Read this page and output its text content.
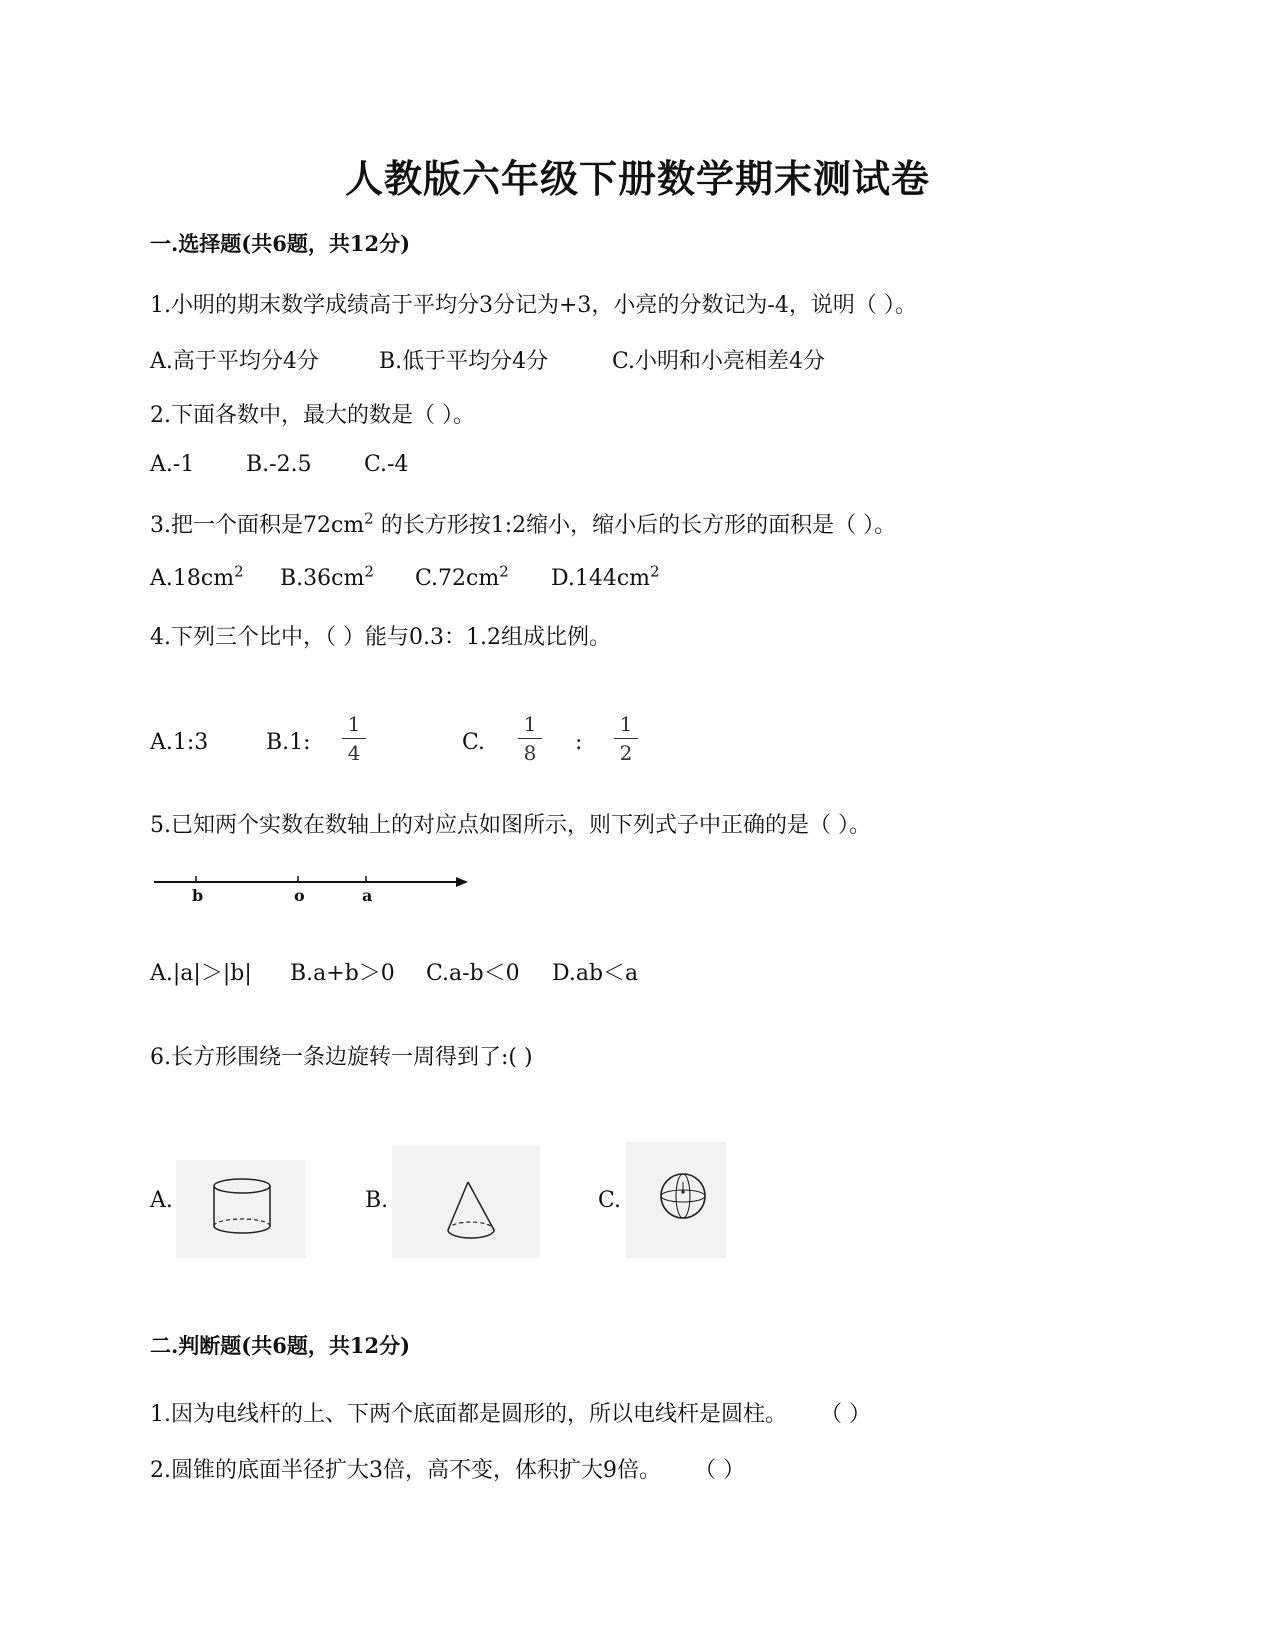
人教版六年级下册数学期末测试卷
一.选择题(共6题，共12分)
1.小明的期末数学成绩高于平均分3分记为+3，小亮的分数记为-4，说明（ ）。
A.高于平均分4分	B.低于平均分4分	C.小明和小亮相差4分
2.下面各数中，最大的数是（ ）。
A.-1 B.-2.5 C.-4
3.把一个面积是$72cm^2$ 的长方形按1:2缩小，缩小后的长方形的面积是（ ）。
$A.18cm^2$ $B.36cm^2$ $C.72cm^2$ $D.144cm^2$
4.下列三个比中，（ ）能与0.3：1.2组成比例。
A.1:3	B.1:
1
4	C.
1
8 :
1
2
5.已知两个实数在数轴上的对应点如图所示，则下列式子中正确的是（ ）。
b	o	a
A.|a|＞|b| B.a+b＞0 C.a-b＜0 D.ab＜a
6.长方形围绕一条边旋转一周得到了:( )
A.	B.	C.
二.判断题(共6题，共12分)
1.因为电线杆的上、下两个底面都是圆形的，所以电线杆是圆柱。 （ ）
2.圆锥的底面半径扩大3倍，高不变，体积扩大9倍。 （ ）
